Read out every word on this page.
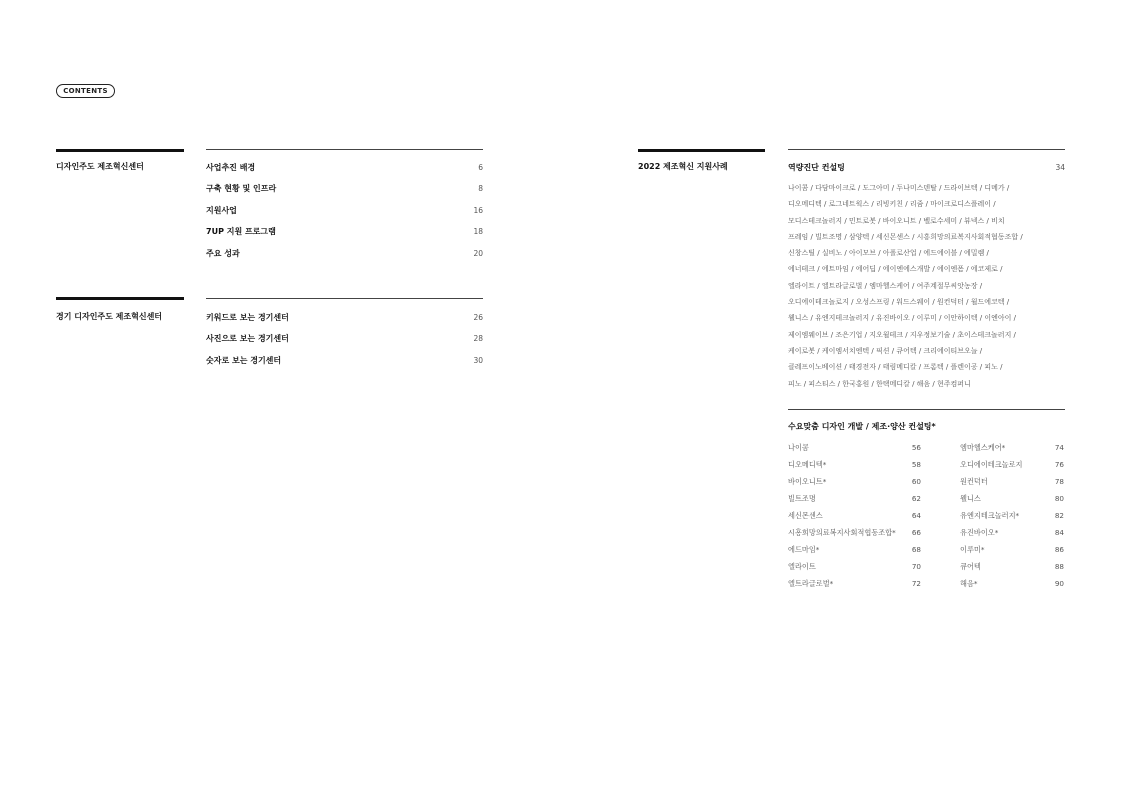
CONTENTS
디자인주도 제조혁신센터	사업추진 배경	6
구축 현황 및 인프라	8
지원사업	16
7UP 지원 프로그램	18
주요 성과	20
경기 디자인주도 제조혁신센터	키워드로 보는 경기센터	26
사진으로 보는 경기센터	28
숫자로 보는 경기센터	30
2022 제조혁신 지원사례	역량진단 컨설팅	34
나이콤 / 다담마이크로 / 도그아미 / 두나미스덴탈 / 드라이브텍 / 디메가 /
디오메디텍 / 로그네트웍스 / 리빙키친 / 리쥼 / 마이크로디스플레이 /
모디스테크놀러지 / 민트로봇 / 바이오니트 / 벨로수세미 / 뷰넥스 / 비치
프레임 / 빌트조명 / 삼양텍 / 세신몬센스 / 시흥희망의료복지사회적협동조합 /
신창스틸 / 실비노 / 아이모브 / 아폴로산업 / 에드에이블 / 에밀렘 /
에너테크 / 에트마임 / 에어딥 / 에이엔에스개발 / 에이엔폼 / 에코제로 /
엘라이트 / 엘트라글로벌 / 엠마헬스케어 / 여주계절무씨앗농장 /
오디에이테크놀로지 / 오성스프링 / 워드스웨이 / 원컨덕터 / 월드에코텍 /
웰니스 / 유엔지테크놀러지 / 유진바이오 / 이루미 / 이안하이텍 / 이엔아이 /
제이엠웨이브 / 조은기업 / 지오월테크 / 지우정보기술 / 초이스테크놀러지 /
케이로봇 / 케이엠서치엔텍 / 픽션 / 큐어텍 / 크리에이티브오늘 /
클레프이노베이션 / 태경전자 / 태림메디칼 / 프롬텍 / 플렌이공 / 피노 /
피노 / 피스티스 / 한국홍원 / 한택메디칼 / 해음 / 현주컴퍼니
수요맞춤 디자인 개발 / 제조·양산 컨설팅*
나이콤	56
디오메디텍*	58
바이오니트*	60
빌트조명	62
세신몬센스	64
시흥희망의료복지사회적협동조합* 66
에드마임*	68
엘라이트	70
엘트라글로벌*	72
엠마헬스케어*	74
오디에이테크놀로지	76
원컨덕터	78
웰니스	80
유엔지테크놀러지*	82
유진바이오*	84
이루미*	86
큐어텍	88
해음*	90
